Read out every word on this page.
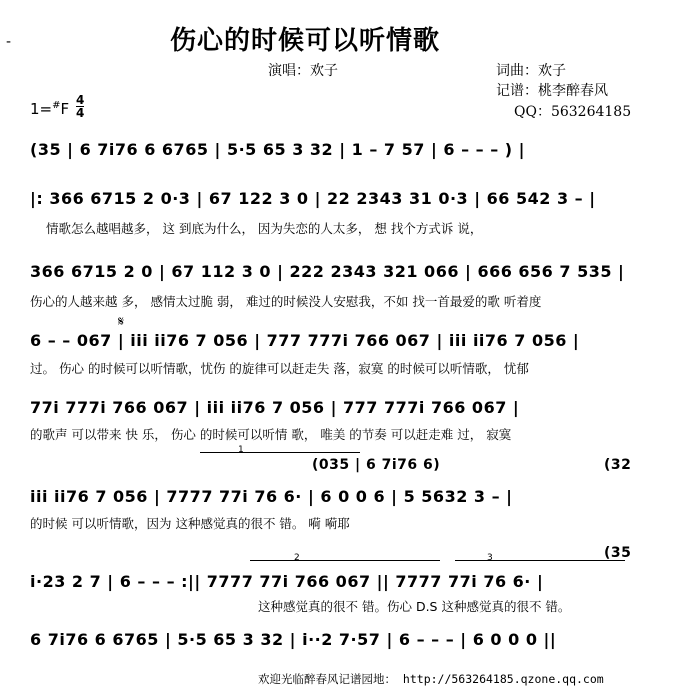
-	伤心的时候可以听情歌
演唱：欢子	词曲：欢子
记谱：桃李醉春风
QQ：563264185
1=#F 4
4
(35 | 6 7i76 6 6765 | 5·5 65 3 32 | 1 – 7 57 | 6 – – – ) |
|: 366 6715 2 0·3 | 67 122 3 0 | 22 2343 31 0·3 | 66 542 3 – |
情歌怎么越唱越多， 这 到底为什么， 因为失恋的人太多， 想 找个方式诉 说，
366 6715 2 0 | 67 112 3 0 | 222 2343 321 066 | 666 656 7 535 |
伤心的人越来越 多， 感情太过脆 弱， 难过的时候没人安慰我，不如 找一首最爱的歌 听着度
𝄋
6 – – 067 | iii ii76 7 056 | 777 777i 766 067 | iii ii76 7 056 |
过。 伤心 的时候可以听情歌，忧伤 的旋律可以赶走失 落，寂寞 的时候可以听情歌， 忧郁
77i 777i 766 067 | iii ii76 7 056 | 777 777i 766 067 |
的歌声 可以带来 快 乐， 伤心 的时候可以听情 歌， 唯美 的节奏 可以赶走难 过， 寂寞
1
(035 | 6 7i76 6)	(32
iii ii76 7 056 | 7777 77i 76 6· | 6 0 0 6 | 5 5632 3 – |
的时候 可以听情歌，因为 这种感觉真的很不 错。 嗬 嗬耶
2	3	(35
i·23 2 7 | 6 – – – :|| 7777 77i 766 067 || 7777 77i 76 6· |
这种感觉真的很不 错。伤心 D.S 这种感觉真的很不 错。
6 7i76 6 6765 | 5·5 65 3 32 | i··2 7·57 | 6 – – – | 6 0 0 0 ||
欢迎光临醉春风记谱园地： http://563264185.qzone.qq.com
